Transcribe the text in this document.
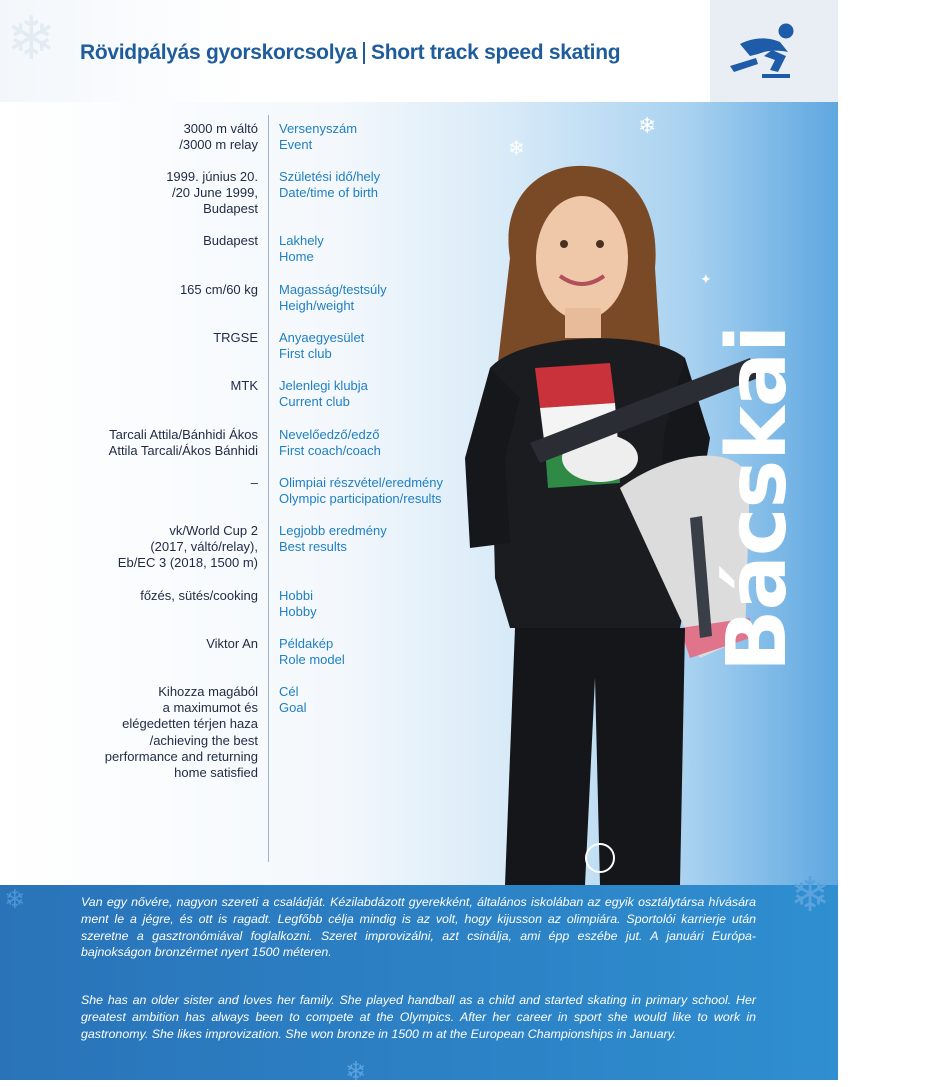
❄ Rövidpályás gyorskorcsolya Short track speed skating
❄
❄
✦
3000 m váltó
/3000 m relay
Versenyszám
Event
1999. június 20.
/20 June 1999,
Budapest
Születési idő/hely
Date/time of birth
Budapest Lakhely
Home
165 cm/60 kg Magasság/testsúly
Heigh/weight
TRGSE Anyaegyesület
First club
MTK Jelenlegi klubja
Current club
Tarcali Attila/Bánhidi Ákos
Attila Tarcali/Ákos Bánhidi
Nevelőedző/edző
First coach/coach
– Olimpiai részvétel/eredmény
Olympic participation/results
vk/World Cup 2
(2017, váltó/relay),
Eb/EC 3 (2018, 1500 m)
Legjobb eredmény
Best results
főzés, sütés/cooking Hobbi
Hobby
Viktor An Példakép
Role model
Kihozza magából
a maximumot és
elégedetten térjen haza
/achieving the best
performance and returning
home satisfied
Cél
Goal
Bácskai Sára
❄	❄
❄

Van egy nővére, nagyon szereti a családját. Kézilabdázott gyerekként, általános iskolában az egyik osztálytársa hívására ment le a jégre, és ott is ragadt. Legfőbb célja mindig is az volt, hogy kijusson az olimpiára. Sportolói karrierje után szeretne a gasztronómiával foglalkozni. Szeret improvizálni, azt csinálja, ami épp eszébe jut. A januári Európa-bajnokságon bronzérmet nyert 1500 méteren.

She has an older sister and loves her family. She played handball as a child and started skating in primary school. Her greatest ambition has always been to compete at the Olympics. After her career in sport she would like to work in gastronomy. She likes improvization. She won bronze in 1500 m at the European Championships in January.
